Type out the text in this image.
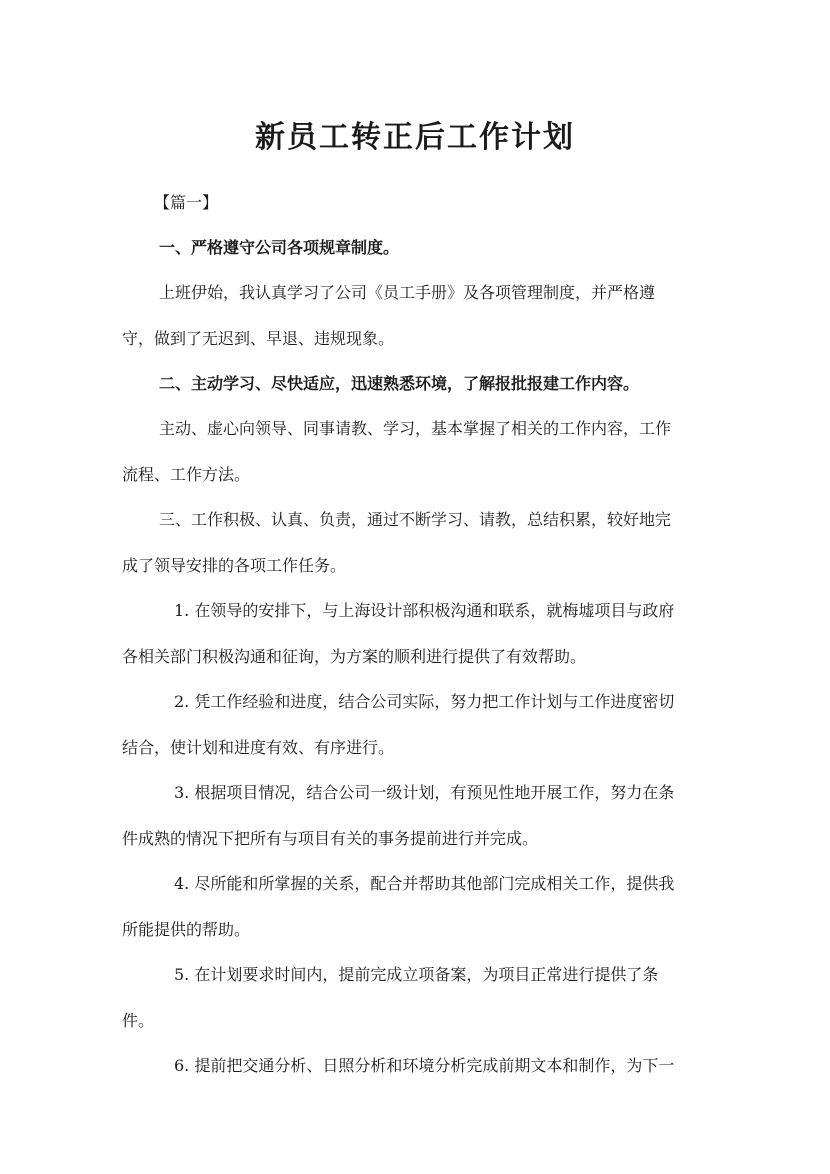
新员工转正后工作计划

【篇一】

一、严格遵守公司各项规章制度。

上班伊始，我认真学习了公司《员工手册》及各项管理制度，并严格遵
守，做到了无迟到、早退、违规现象。

二、主动学习、尽快适应，迅速熟悉环境，了解报批报建工作内容。

主动、虚心向领导、同事请教、学习，基本掌握了相关的工作内容，工作
流程、工作方法。
三、工作积极、认真、负责，通过不断学习、请教，总结积累，较好地完
成了领导安排的各项工作任务。
1. 在领导的安排下，与上海设计部积极沟通和联系，就梅墟项目与政府
各相关部门积极沟通和征询，为方案的顺利进行提供了有效帮助。
2. 凭工作经验和进度，结合公司实际，努力把工作计划与工作进度密切
结合，使计划和进度有效、有序进行。
3. 根据项目情况，结合公司一级计划，有预见性地开展工作，努力在条
件成熟的情况下把所有与项目有关的事务提前进行并完成。
4. 尽所能和所掌握的关系，配合并帮助其他部门完成相关工作，提供我
所能提供的帮助。
5. 在计划要求时间内，提前完成立项备案，为项目正常进行提供了条
件。
6. 提前把交通分析、日照分析和环境分析完成前期文本和制作，为下一
